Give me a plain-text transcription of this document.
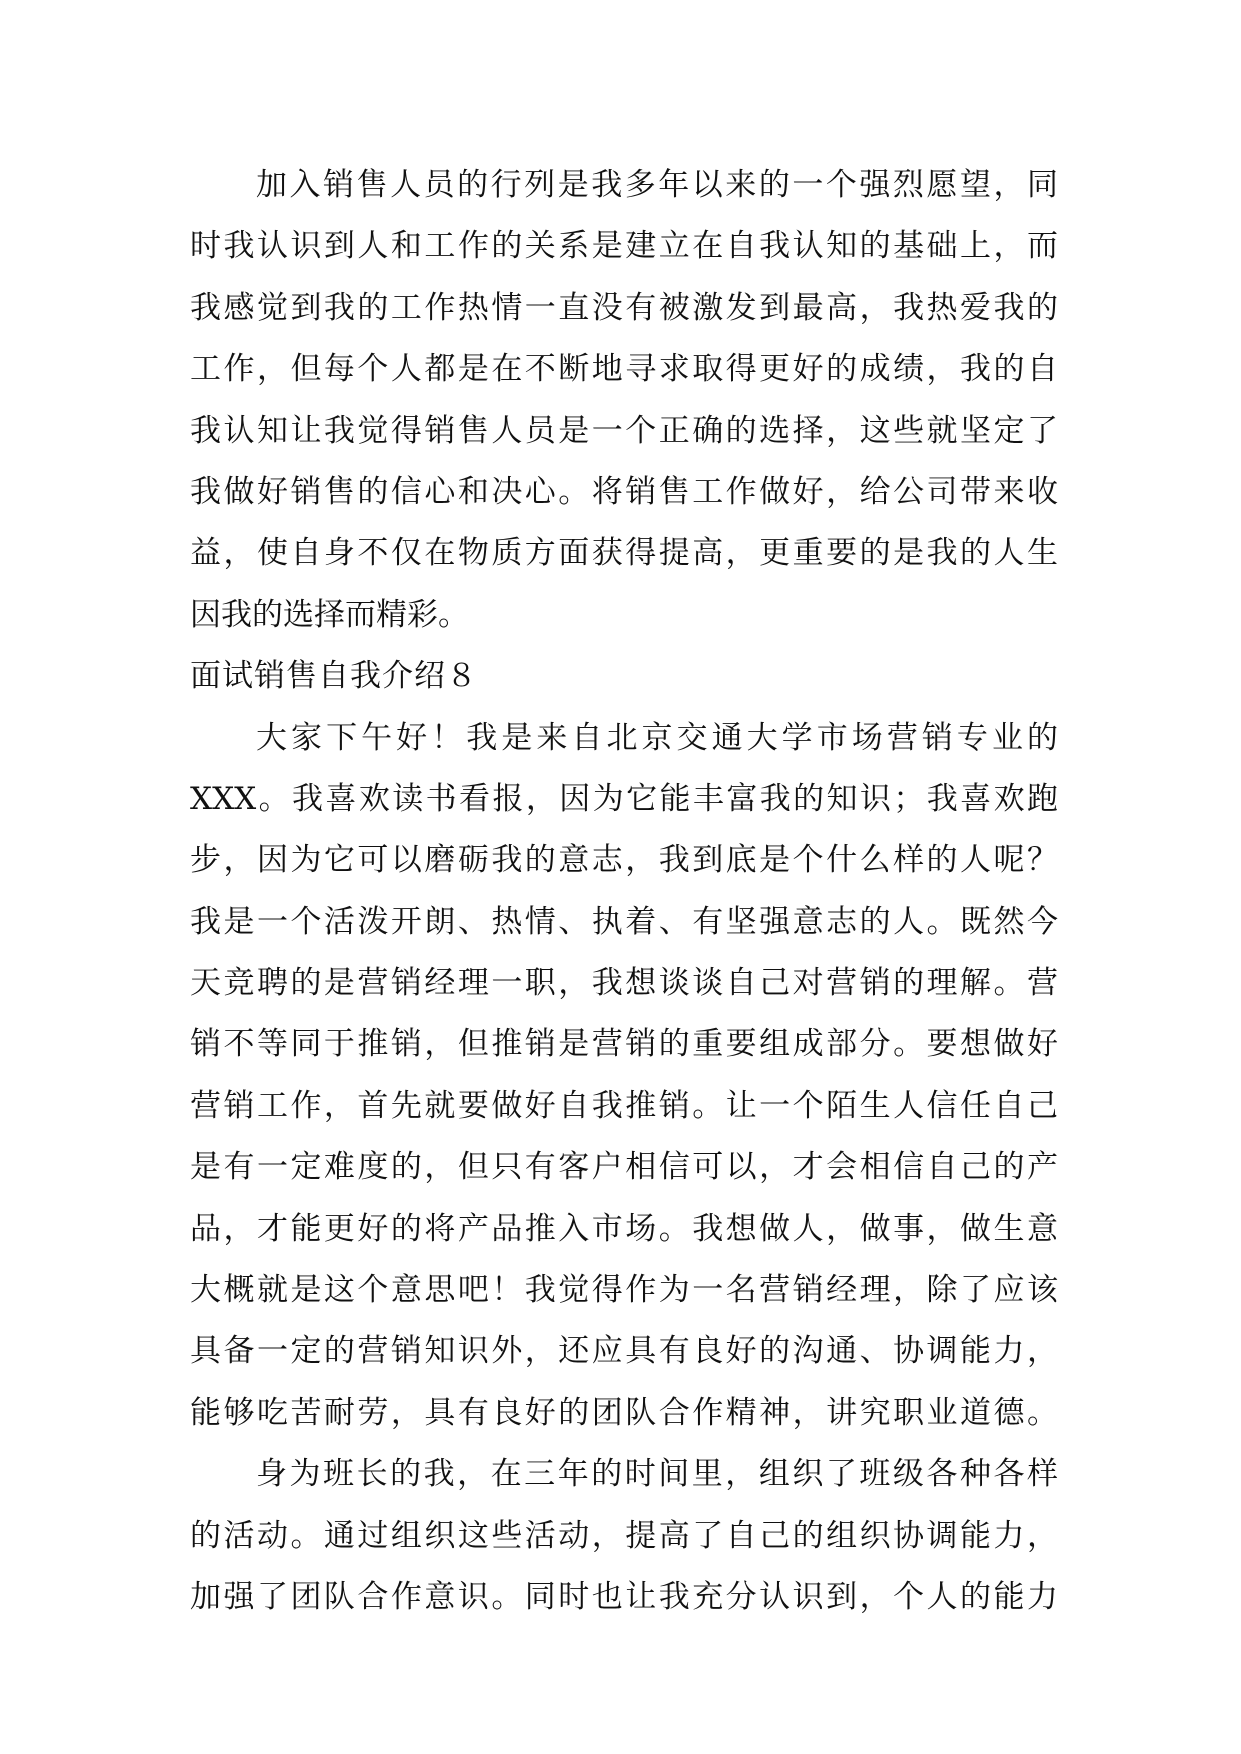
加入销售人员的行列是我多年以来的一个强烈愿望，同
时我认识到人和工作的关系是建立在自我认知的基础上，而
我感觉到我的工作热情一直没有被激发到最高，我热爱我的
工作，但每个人都是在不断地寻求取得更好的成绩，我的自
我认知让我觉得销售人员是一个正确的选择，这些就坚定了
我做好销售的信心和决心。将销售工作做好，给公司带来收
益，使自身不仅在物质方面获得提高，更重要的是我的人生
因我的选择而精彩。
面试销售自我介绍８
大家下午好！我是来自北京交通大学市场营销专业的
XXX。我喜欢读书看报，因为它能丰富我的知识；我喜欢跑
步，因为它可以磨砺我的意志，我到底是个什么样的人呢？
我是一个活泼开朗、热情、执着、有坚强意志的人。既然今
天竞聘的是营销经理一职，我想谈谈自己对营销的理解。营
销不等同于推销，但推销是营销的重要组成部分。要想做好
营销工作，首先就要做好自我推销。让一个陌生人信任自己
是有一定难度的，但只有客户相信可以，才会相信自己的产
品，才能更好的将产品推入市场。我想做人，做事，做生意
大概就是这个意思吧！我觉得作为一名营销经理，除了应该
具备一定的营销知识外，还应具有良好的沟通、协调能力，
能够吃苦耐劳，具有良好的团队合作精神，讲究职业道德。
身为班长的我，在三年的时间里，组织了班级各种各样
的活动。通过组织这些活动，提高了自己的组织协调能力，
加强了团队合作意识。同时也让我充分认识到，个人的能力
